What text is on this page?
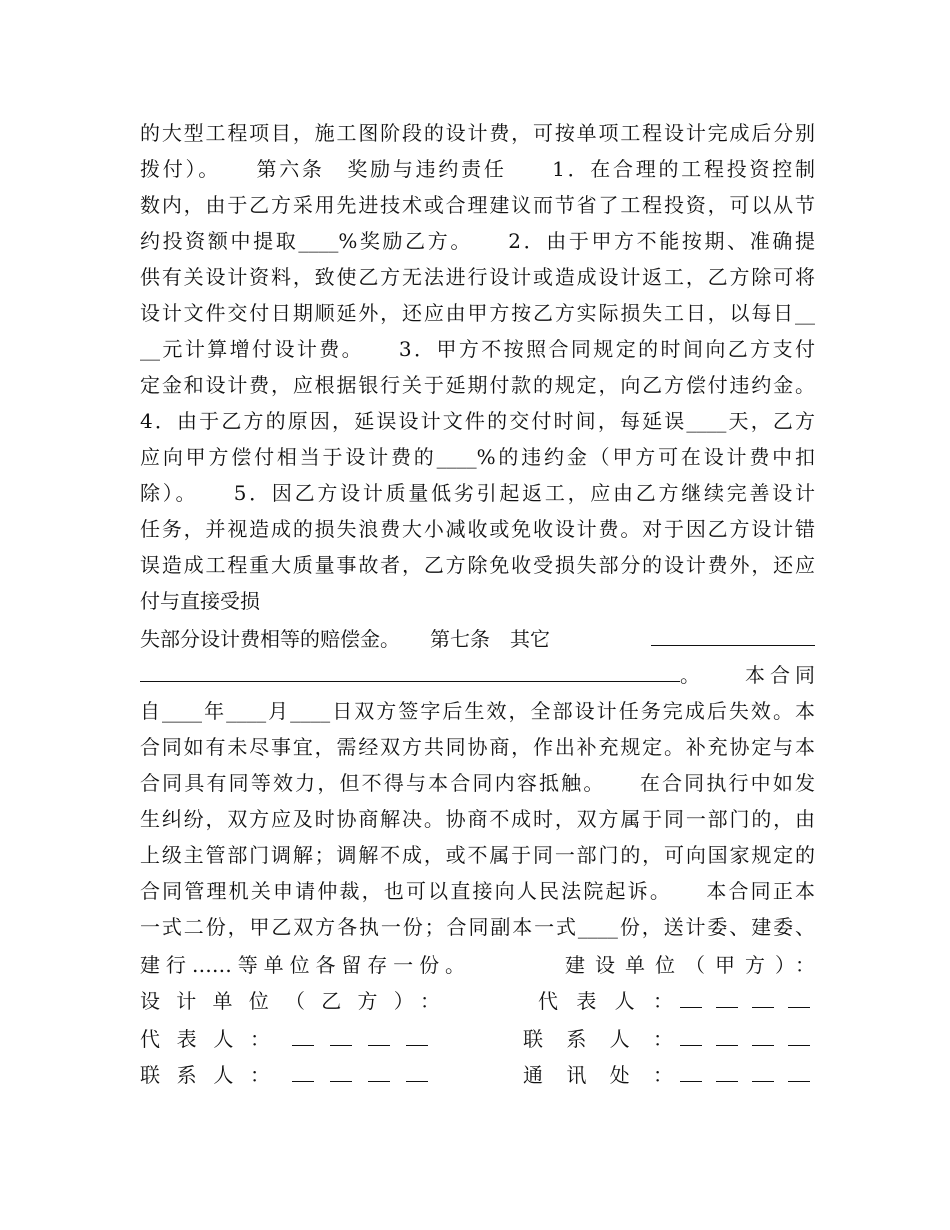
的大型工程项目，施工图阶段的设计费，可按单项工程设计完成后分别
拨付）。　　第六条　奖励与违约责任　　1．在合理的工程投资控制
数内，由于乙方采用先进技术或合理建议而节省了工程投资，可以从节
约投资额中提取____%奖励乙方。　　2．由于甲方不能按期、准确提
供有关设计资料，致使乙方无法进行设计或造成设计返工，乙方除可将
设计文件交付日期顺延外，还应由甲方按乙方实际损失工日，以每日__
__元计算增付设计费。　　3．甲方不按照合同规定的时间向乙方支付
定金和设计费，应根据银行关于延期付款的规定，向乙方偿付违约金。
4．由于乙方的原因，延误设计文件的交付时间，每延误____天，乙方
应向甲方偿付相当于设计费的____%的违约金（甲方可在设计费中扣
除）。　　5．因乙方设计质量低劣引起返工，应由乙方继续完善设计
任务，并视造成的损失浪费大小减收或免收设计费。对于因乙方设计错
误造成工程重大质量事故者，乙方除免收受损失部分的设计费外，还应
付与直接受损
失部分设计费相等的赔偿金。　　第七条　其它
。　　本合同
自____年____月____日双方签字后生效，全部设计任务完成后失效。本
合同如有未尽事宜，需经双方共同协商，作出补充规定。补充协定与本
合同具有同等效力，但不得与本合同内容抵触。　　在合同执行中如发
生纠纷，双方应及时协商解决。协商不成时，双方属于同一部门的，由
上级主管部门调解；调解不成，或不属于同一部门的，可向国家规定的
合同管理机关申请仲裁，也可以直接向人民法院起诉。　　本合同正本
一式二份，甲乙双方各执一份；合同副本一式____份，送计委、建委、
建行……等单位各留存一份。	建设单位（甲方）：
设计单位（乙方）：	代表人：
代表人：	联系人：
联系人：	通讯处：
